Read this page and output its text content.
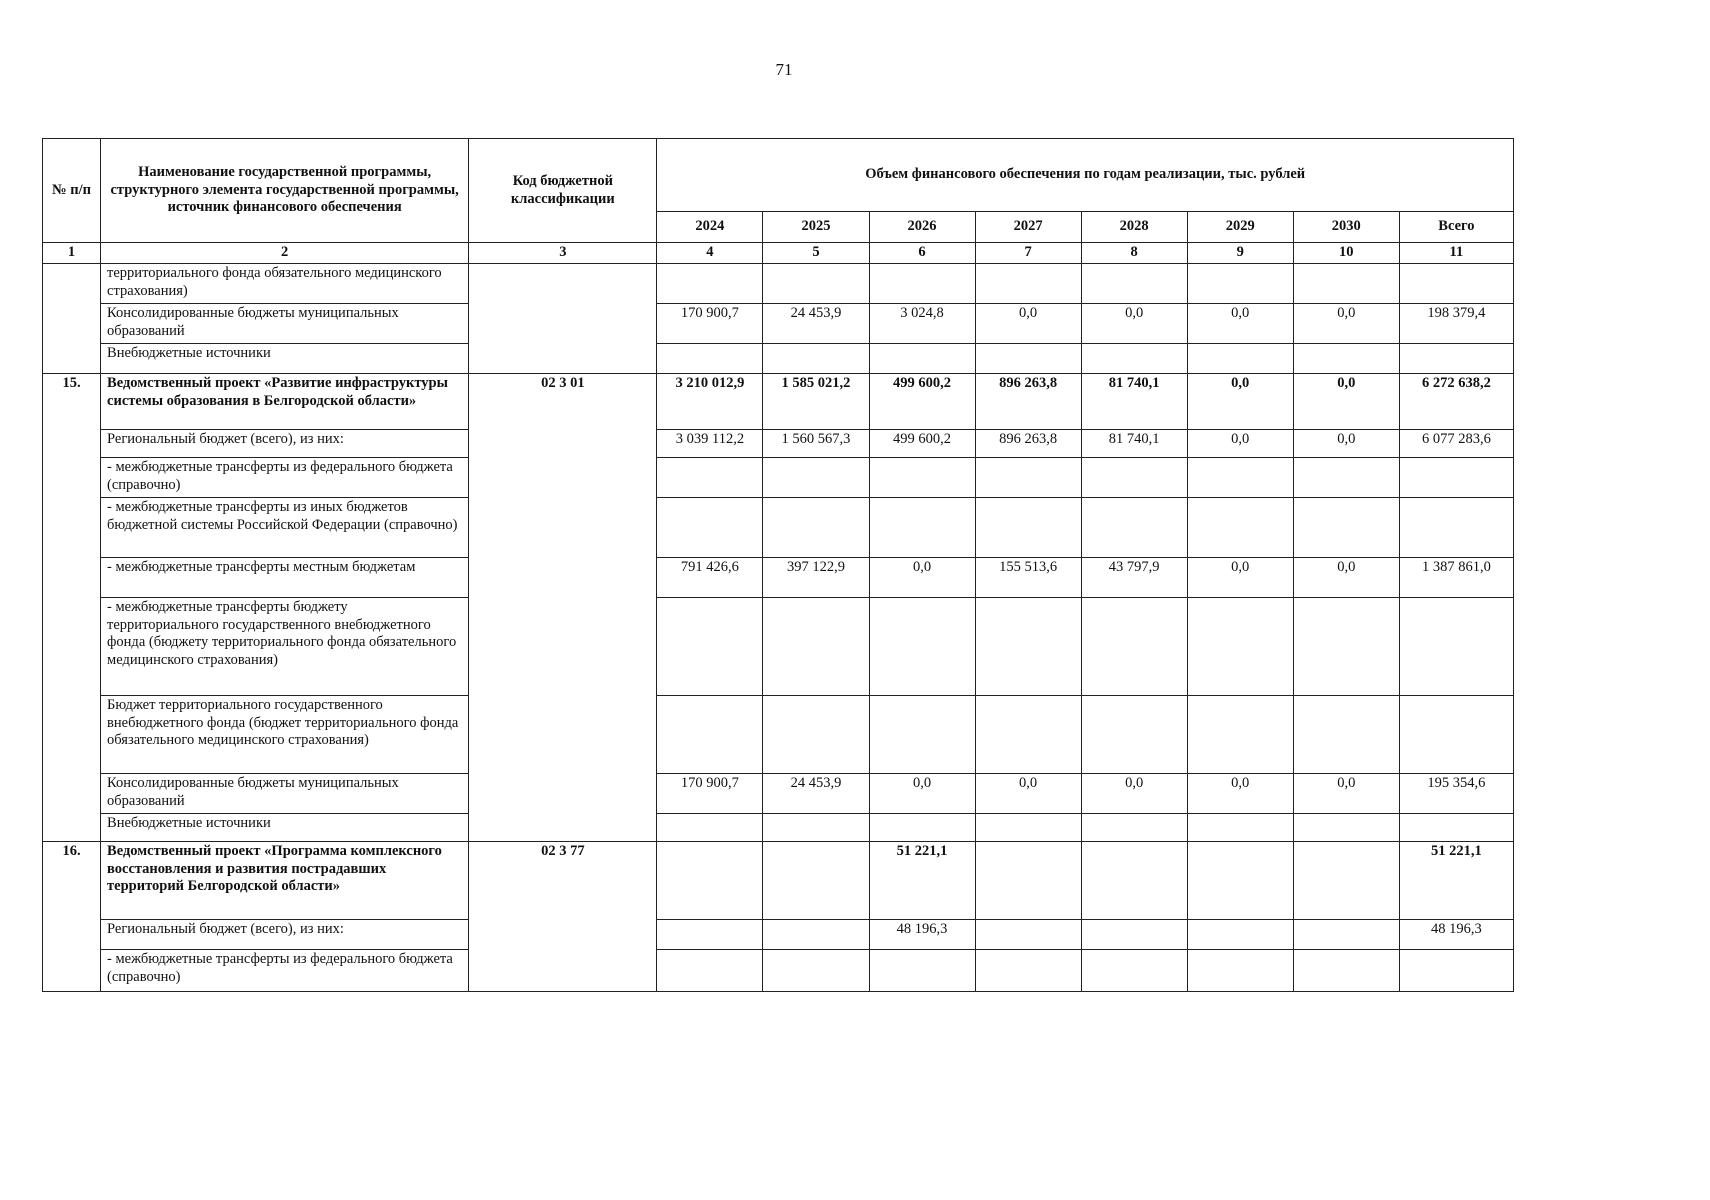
71
№ п/п	Наименование государственной программы, структурного элемента государственной программы, источник финансового обеспечения	Код бюджетной классификации	Объем финансового обеспечения по годам реализации, тыс. рублей							
			2024	2025	2026	2027	2028	2029	2030	Всего
1	2	3	4	5	6	7	8	9	10	11
	территориального фонда обязательного медицинского страхования)									
	Консолидированные бюджеты муниципальных образований		170 900,7	24 453,9	3 024,8	0,0	0,0	0,0	0,0	198 379,4
	Внебюджетные источники									
15.	Ведомственный проект «Развитие инфраструктуры системы образования в Белгородской области»	02 3 01	3 210 012,9	1 585 021,2	499 600,2	896 263,8	81 740,1	0,0	0,0	6 272 638,2
	Региональный бюджет (всего), из них:		3 039 112,2	1 560 567,3	499 600,2	896 263,8	81 740,1	0,0	0,0	6 077 283,6
	- межбюджетные трансферты из федерального бюджета (справочно)									
	- межбюджетные трансферты из иных бюджетов бюджетной системы Российской Федерации (справочно)									
	- межбюджетные трансферты местным бюджетам		791 426,6	397 122,9	0,0	155 513,6	43 797,9	0,0	0,0	1 387 861,0
	- межбюджетные трансферты бюджету территориального государственного внебюджетного фонда (бюджету территориального фонда обязательного медицинского страхования)									
	Бюджет территориального государственного внебюджетного фонда (бюджет территориального фонда обязательного медицинского страхования)									
	Консолидированные бюджеты муниципальных образований		170 900,7	24 453,9	0,0	0,0	0,0	0,0	0,0	195 354,6
	Внебюджетные источники									
16.	Ведомственный проект «Программа комплексного восстановления и развития пострадавших территорий Белгородской области»	02 3 77			51 221,1					51 221,1
	Региональный бюджет (всего), из них:				48 196,3					48 196,3
	- межбюджетные трансферты из федерального бюджета (справочно)									
